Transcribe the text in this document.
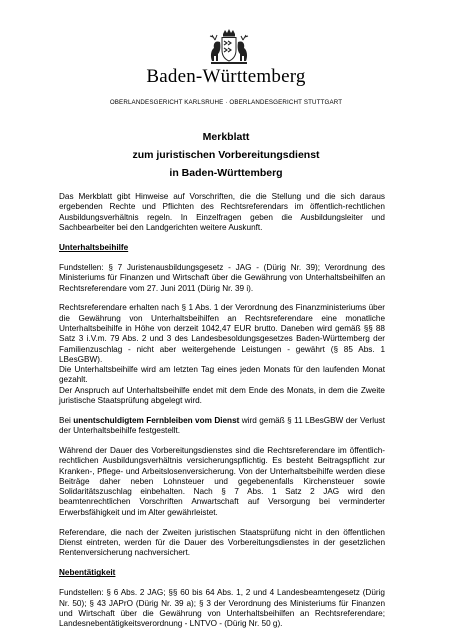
Baden-Württemberg
OBERLANDESGERICHT KARLSRUHE · OBERLANDESGERICHT STUTTGART
Merkblatt
zum juristischen Vorbereitungsdienst
in Baden-Württemberg

Das Merkblatt gibt Hinweise auf Vorschriften, die die Stellung und die sich daraus ergebenden Rechte und Pflichten des Rechtsreferendars im öffentlich-rechtlichen Ausbildungsverhältnis regeln. In Einzelfragen geben die Ausbildungsleiter und Sachbearbeiter bei den Landgerichten weitere Auskunft.

Unterhaltsbeihilfe

Fundstellen: § 7 Juristenausbildungsgesetz - JAG - (Dürig Nr. 39); Verordnung des Ministeriums für Finanzen und Wirtschaft über die Gewährung von Unterhaltsbeihilfen an Rechtsreferendare vom 27. Juni 2011 (Dürig Nr. 39 i).

Rechtsreferendare erhalten nach § 1 Abs. 1 der Verordnung des Finanzministeriums über die Gewährung von Unterhaltsbeihilfen an Rechtsreferendare eine monatliche Unterhaltsbeihilfe in Höhe von derzeit 1042,47 EUR brutto. Daneben wird gemäß §§ 88 Satz 3 i.V.m. 79 Abs. 2 und 3 des Landesbesoldungsgesetzes Baden-Württemberg der Familienzuschlag - nicht aber weitergehende Leistungen - gewährt (§ 85 Abs. 1 LBesGBW).

Die Unterhaltsbeihilfe wird am letzten Tag eines jeden Monats für den laufenden Monat gezahlt.

Der Anspruch auf Unterhaltsbeihilfe endet mit dem Ende des Monats, in dem die Zweite juristische Staatsprüfung abgelegt wird.

Bei unentschuldigtem Fernbleiben vom Dienst wird gemäß § 11 LBesGBW der Verlust der Unterhaltsbeihilfe festgestellt.

Während der Dauer des Vorbereitungsdienstes sind die Rechtsreferendare im öffentlich-rechtlichen Ausbildungsverhältnis versicherungspflichtig. Es besteht Beitragspflicht zur Kranken-, Pflege- und Arbeitslosenversicherung. Von der Unterhaltsbeihilfe werden diese Beiträge daher neben Lohnsteuer und gegebenenfalls Kirchensteuer sowie Solidaritätszuschlag einbehalten. Nach § 7 Abs. 1 Satz 2 JAG wird den beamtenrechtlichen Vorschriften Anwartschaft auf Versorgung bei verminderter Erwerbsfähigkeit und im Alter gewährleistet.

Referendare, die nach der Zweiten juristischen Staatsprüfung nicht in den öffentlichen Dienst eintreten, werden für die Dauer des Vorbereitungsdienstes in der gesetzlichen Rentenversicherung nachversichert.

Nebentätigkeit

Fundstellen: § 6 Abs. 2 JAG; §§ 60 bis 64 Abs. 1, 2 und 4 Landesbeamtengesetz (Dürig Nr. 50); § 43 JAPrO (Dürig Nr. 39 a); § 3 der Verordnung des Ministeriums für Finanzen und Wirtschaft über die Gewährung von Unterhaltsbeihilfen an Rechtsreferendare; Landesnebentätigkeitsverordnung - LNTVO - (Dürig Nr. 50 g).
